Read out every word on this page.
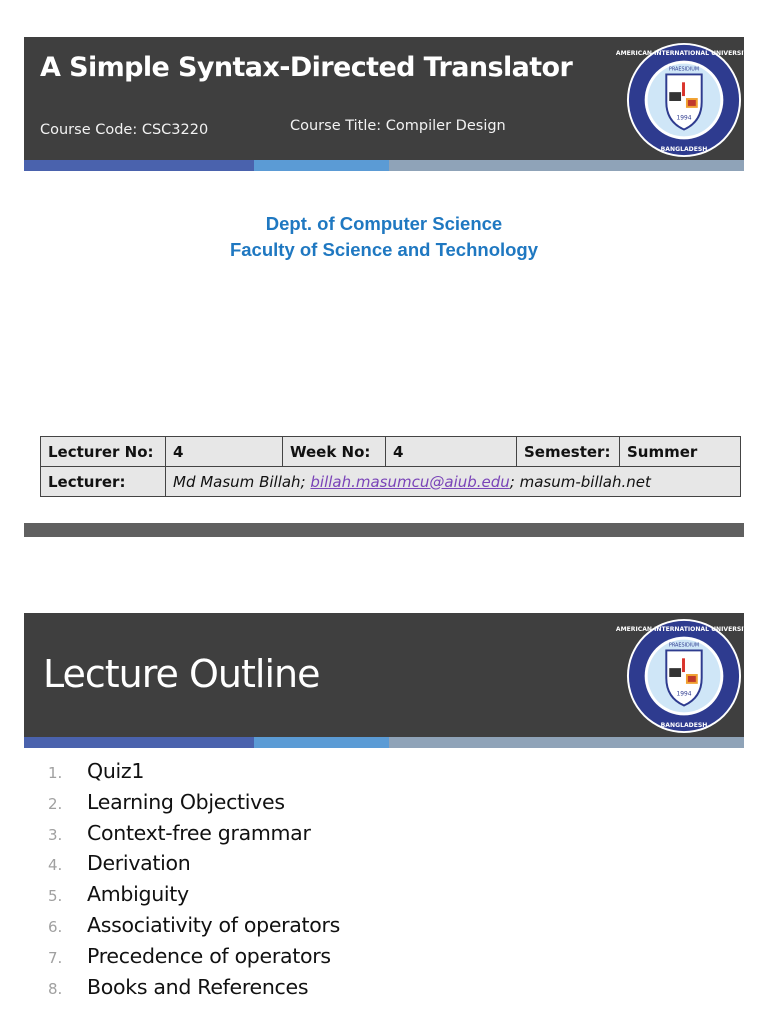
A Simple Syntax-Directed Translator
Course Code: CSC3220	Course Title: Compiler Design	1994
AMERICAN INTERNATIONAL UNIVERSITY
BANGLADESH
PRAESIDIUM
Dept. of Computer Science
Faculty of Science and Technology
Lecturer No:	4	Week No:	4	Semester:	Summer
Lecturer:	Md Masum Billah; billah.masumcu@aiub.edu; masum-billah.net				
Lecture Outline	1994
AMERICAN INTERNATIONAL UNIVERSITY
BANGLADESH
PRAESIDIUM
1.	Quiz1
2.	Learning Objectives
3.	Context-free grammar
4.	Derivation
5.	Ambiguity
6.	Associativity of operators
7.	Precedence of operators
8.	Books and References
